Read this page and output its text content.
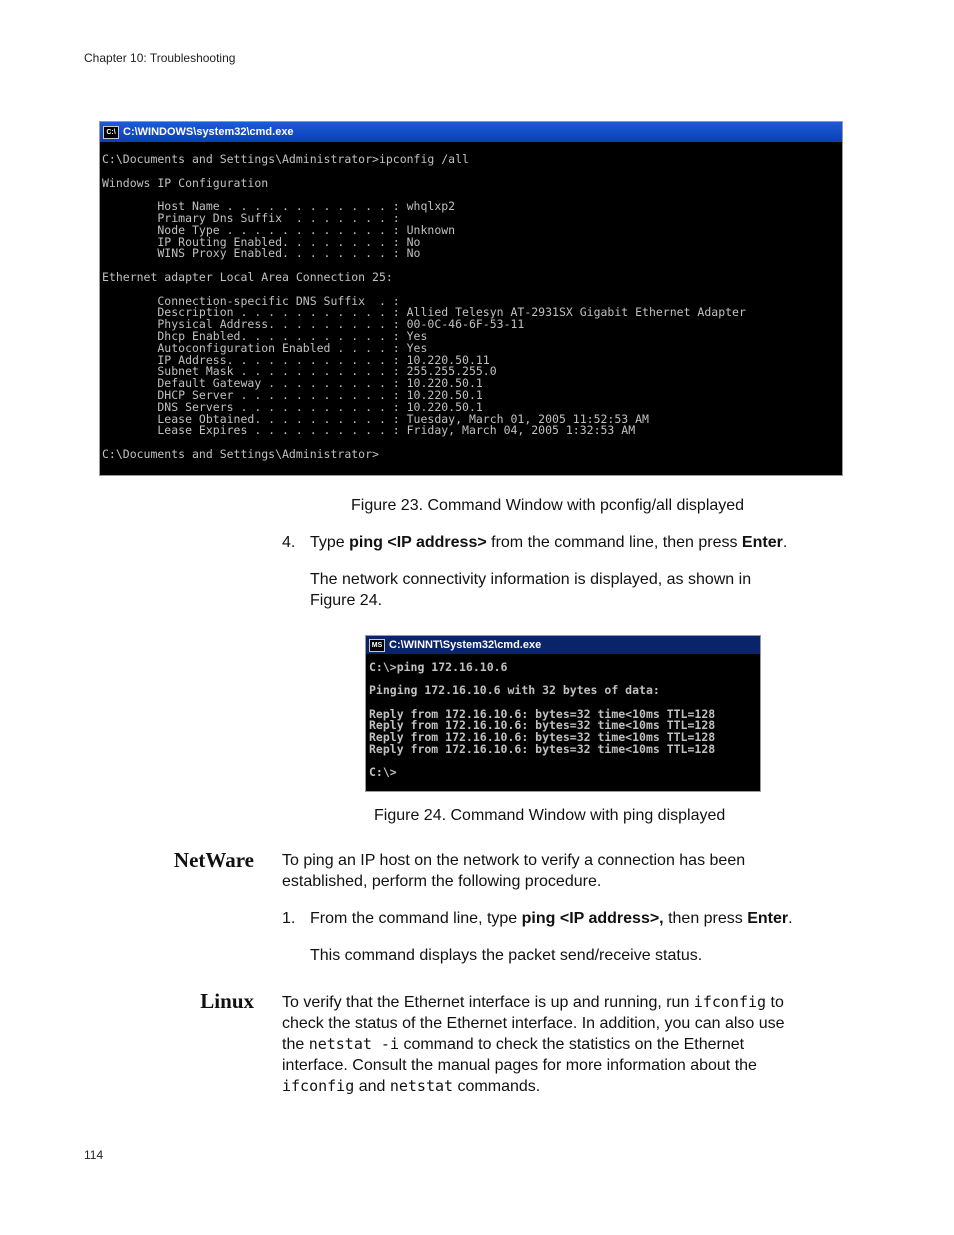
Chapter 10: Troubleshooting
C:\ C:\WINDOWS\system32\cmd.exe
C:\Documents and Settings\Administrator>ipconfig /all

Windows IP Configuration

Host Name . . . . . . . . . . . . : whqlxp2
Primary Dns Suffix  . . . . . . . :
Node Type . . . . . . . . . . . . : Unknown
IP Routing Enabled. . . . . . . . : No
WINS Proxy Enabled. . . . . . . . : No

Ethernet adapter Local Area Connection 25:

Connection-specific DNS Suffix  . :
Description . . . . . . . . . . . : Allied Telesyn AT-2931SX Gigabit Ethernet Adapter
Physical Address. . . . . . . . . : 00-0C-46-6F-53-11
Dhcp Enabled. . . . . . . . . . . : Yes
Autoconfiguration Enabled . . . . : Yes
IP Address. . . . . . . . . . . . : 10.220.50.11
Subnet Mask . . . . . . . . . . . : 255.255.255.0
Default Gateway . . . . . . . . . : 10.220.50.1
DHCP Server . . . . . . . . . . . : 10.220.50.1
DNS Servers . . . . . . . . . . . : 10.220.50.1
Lease Obtained. . . . . . . . . . : Tuesday, March 01, 2005 11:52:53 AM
Lease Expires . . . . . . . . . . : Friday, March 04, 2005 1:32:53 AM

C:\Documents and Settings\Administrator>
Figure 23. Command Window with pconfig/all displayed
4. Type ping <IP address> from the command line, then press Enter.
The network connectivity information is displayed, as shown in
Figure 24.
MS C:\WINNT\System32\cmd.exe
C:\>ping 172.16.10.6

Pinging 172.16.10.6 with 32 bytes of data:

Reply from 172.16.10.6: bytes=32 time<10ms TTL=128
Reply from 172.16.10.6: bytes=32 time<10ms TTL=128
Reply from 172.16.10.6: bytes=32 time<10ms TTL=128
Reply from 172.16.10.6: bytes=32 time<10ms TTL=128

C:\>
Figure 24. Command Window with ping displayed
NetWare To ping an IP host on the network to verify a connection has been
established, perform the following procedure.
1. From the command line, type ping <IP address>, then press Enter.
This command displays the packet send/receive status.
Linux To verify that the Ethernet interface is up and running, run ifconfig to
check the status of the Ethernet interface. In addition, you can also use
the netstat -i command to check the statistics on the Ethernet
interface. Consult the manual pages for more information about the
ifconfig and netstat commands.
114
